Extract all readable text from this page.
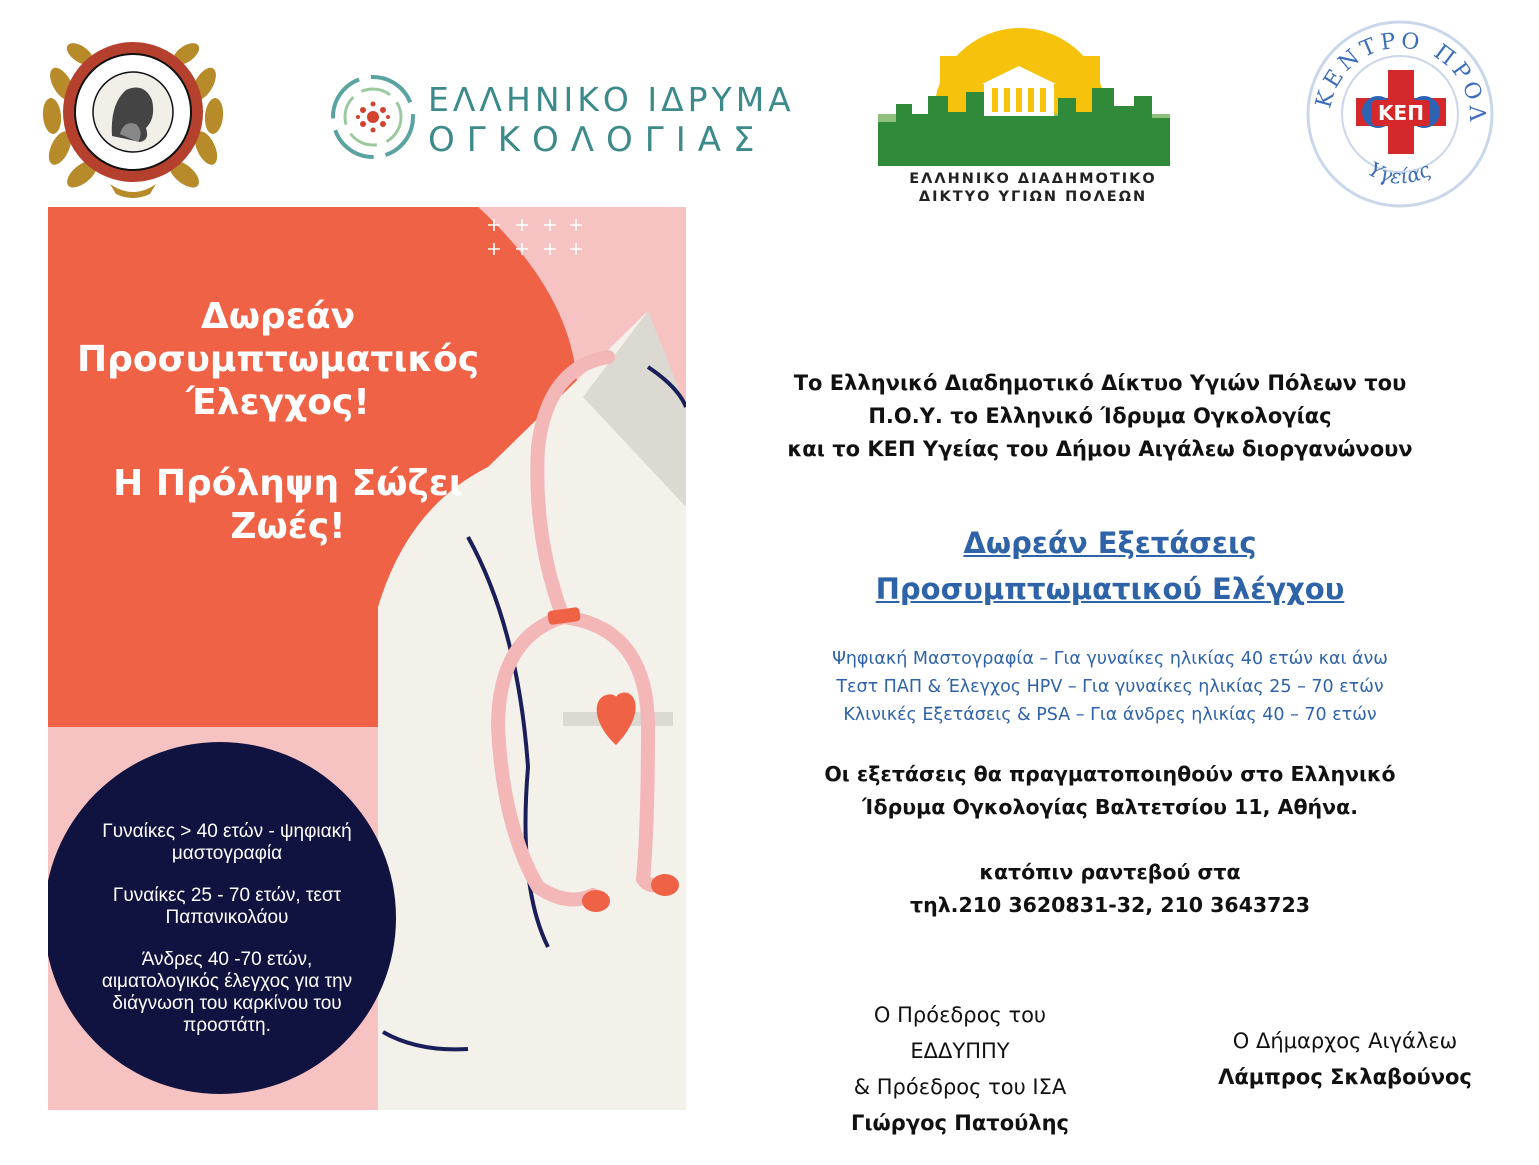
ΕΛΛΗΝΙΚΟ ΙΔΡΥΜΑ
ΟΓΚΟΛΟΓΙΑΣ
ΕΛΛΗΝΙΚΟ ΔΙΑΔΗΜΟΤΙΚΟ
ΔΙΚΤΥΟ ΥΓΙΩΝ ΠΟΛΕΩΝ
ΚΕΝΤΡΟ ΠΡΟΛ
Υγείας
ΚΕΠ
Δωρεάν
Προσυμπτωματικός
Έλεγχος!
Η Πρόληψη Σώζει
Ζωές!
Γυναίκες > 40 ετών - ψηφιακή
μαστογραφία
Γυναίκες 25 - 70 ετών, τεστ
Παπανικολάου
Άνδρες 40 -70 ετών,
αιματολογικός έλεγχος για την
διάγνωση του καρκίνου του
προστάτη.
Το Ελληνικό Διαδημοτικό Δίκτυο Υγιών Πόλεων του
Π.Ο.Υ. το Ελληνικό Ίδρυμα Ογκολογίας
και το ΚΕΠ Υγείας του Δήμου Αιγάλεω διοργανώνουν
Δωρεάν Εξετάσεις
Προσυμπτωματικού Ελέγχου
Ψηφιακή Μαστογραφία – Για γυναίκες ηλικίας 40 ετών και άνω
Τεστ ΠΑΠ & Έλεγχος HPV – Για γυναίκες ηλικίας 25 – 70 ετών
Κλινικές Εξετάσεις & PSA – Για άνδρες ηλικίας 40 – 70 ετών
Οι εξετάσεις θα πραγματοποιηθούν στο Ελληνικό
Ίδρυμα Ογκολογίας Βαλτετσίου 11, Αθήνα.
κατόπιν ραντεβού στα
τηλ.210 3620831-32, 210 3643723
Ο Πρόεδρος του
ΕΔΔΥΠΠΥ
& Πρόεδρος του ΙΣΑ
Γιώργος Πατούλης
Ο Δήμαρχος Αιγάλεω
Λάμπρος Σκλαβούνος
